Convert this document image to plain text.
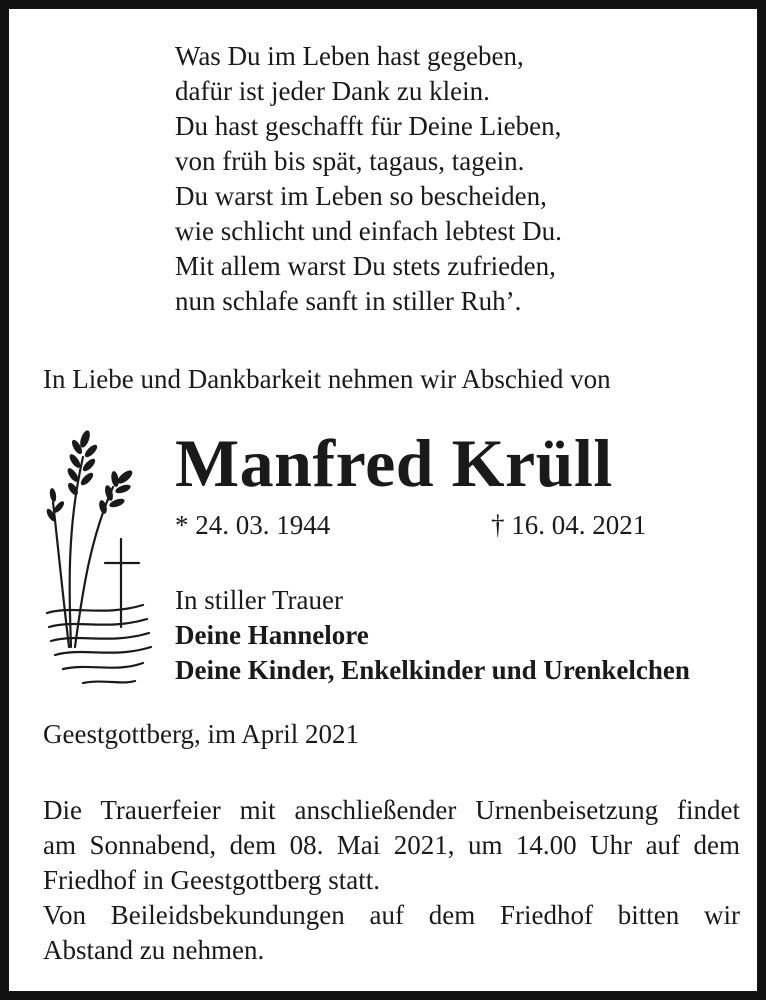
Was Du im Leben hast gegeben,
dafür ist jeder Dank zu klein.
Du hast geschafft für Deine Lieben,
von früh bis spät, tagaus, tagein.
Du warst im Leben so bescheiden,
wie schlicht und einfach lebtest Du.
Mit allem warst Du stets zufrieden,
nun schlafe sanft in stiller Ruh’.
In Liebe und Dankbarkeit nehmen wir Abschied von
Manfred Krüll
* 24. 03. 1944	† 16. 04. 2021
In stiller Trauer
Deine Hannelore
Deine Kinder, Enkelkinder und Urenkelchen
Geestgottberg, im April 2021
Die Trauerfeier mit anschließender Urnenbeisetzung findet
am Sonnabend, dem 08. Mai 2021, um 14.00 Uhr auf dem
Friedhof in Geestgottberg statt.
Von Beileidsbekundungen auf dem Friedhof bitten wir
Abstand zu nehmen.
